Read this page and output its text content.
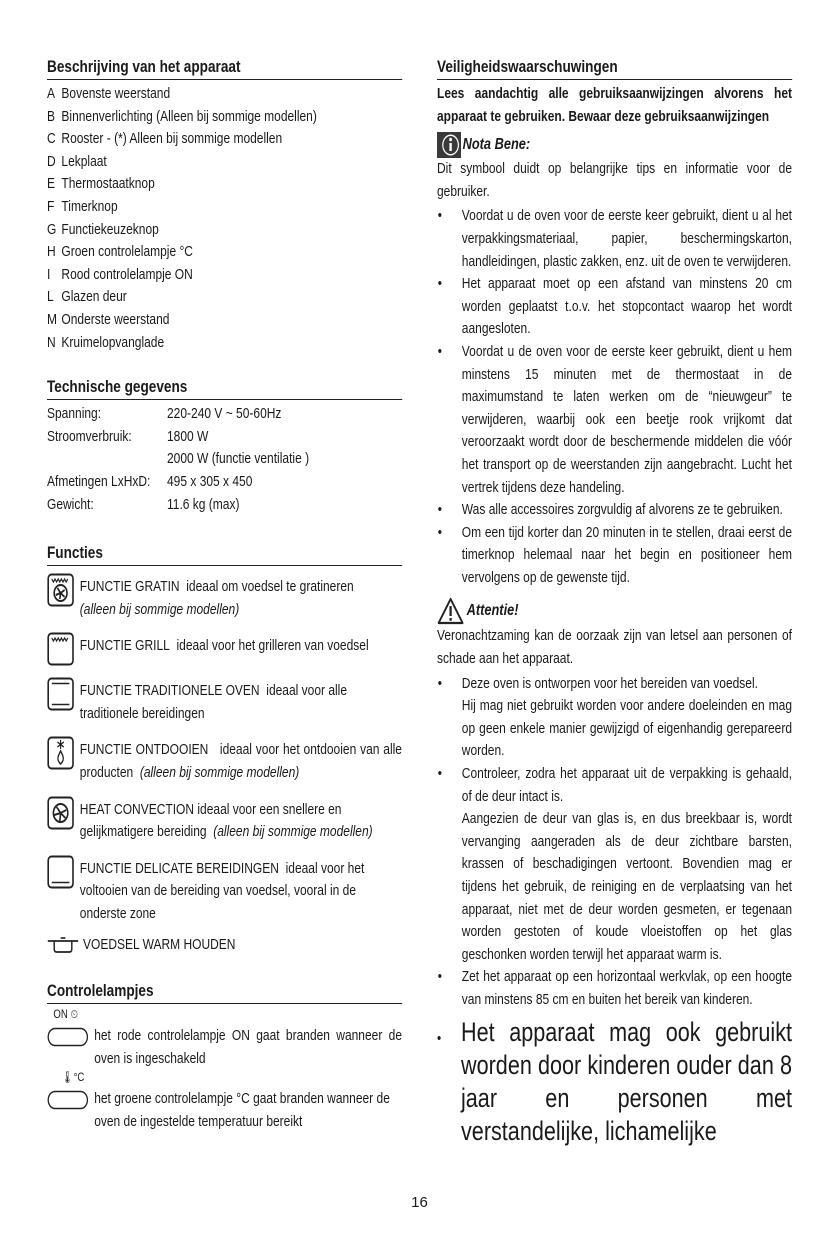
Beschrijving van het apparaat
A Bovenste weerstand
B Binnenverlichting (Alleen bij sommige modellen)
C Rooster - (*) Alleen bij sommige modellen
D Lekplaat
E Thermostaatknop
F Timerknop
G Functiekeuzeknop
H Groen controlelampje °C
I Rood controlelampje ON
L Glazen deur
M Onderste weerstand
N Kruimelopvanglade
Technische gegevens
Spanning:	220-240 V ~ 50-60Hz
Stroomverbruik:	1800 W
2000 W (functie ventilatie )
Afmetingen LxHxD:	495 x 305 x 450
Gewicht:	11.6 kg (max)
Functies
FUNCTIE GRATIN ideaal om voedsel te gratineren
(alleen bij sommige modellen)
FUNCTIE GRILL ideaal voor het grilleren van voedsel
FUNCTIE TRADITIONELE OVEN ideaal voor alle traditionele bereidingen
FUNCTIE ONTDOOIEN ideaal voor het ontdooien van alle producten (alleen bij sommige modellen)
HEAT CONVECTION ideaal voor een snellere en gelijkmatigere bereiding (alleen bij sommige modellen)
FUNCTIE DELICATE BEREIDINGEN ideaal voor het voltooien van de bereiding van voedsel, vooral in de onderste zone
VOEDSEL WARM HOUDEN
Controlelampjes
ON ⏲
het rode controlelampje ON gaat branden wanneer de oven is ingeschakeld
🌡°C
het groene controlelampje °C gaat branden wanneer de oven de ingestelde temperatuur bereikt
Veiligheidswaarschuwingen
Lees aandachtig alle gebruiksaanwijzingen alvorens het apparaat te gebruiken. Bewaar deze gebruiksaanwijzingen
Nota Bene:
Dit symbool duidt op belangrijke tips en informatie voor de gebruiker.
•	Voordat u de oven voor de eerste keer gebruikt, dient u al het verpakkingsmateriaal, papier, beschermingskarton, handleidingen, plastic zakken, enz. uit de oven te verwijderen.
•	Het apparaat moet op een afstand van minstens 20 cm worden geplaatst t.o.v. het stopcontact waarop het wordt aangesloten.
•	Voordat u de oven voor de eerste keer gebruikt, dient u hem minstens 15 minuten met de thermostaat in de maximumstand te laten werken om de “nieuwgeur” te verwijderen, waarbij ook een beetje rook vrijkomt dat veroorzaakt wordt door de beschermende middelen die vóór het transport op de weerstanden zijn aangebracht. Lucht het vertrek tijdens deze handeling.
•	Was alle accessoires zorgvuldig af alvorens ze te gebruiken.
•	Om een tijd korter dan 20 minuten in te stellen, draai eerst de timerknop helemaal naar het begin en positioneer hem vervolgens op de gewenste tijd.
Attentie!
Veronachtzaming kan de oorzaak zijn van letsel aan personen of schade aan het apparaat.
•	Deze oven is ontworpen voor het bereiden van voedsel.
Hij mag niet gebruikt worden voor andere doeleinden en mag op geen enkele manier gewijzigd of eigenhandig gerepareerd worden.
•	Controleer, zodra het apparaat uit de verpakking is gehaald, of de deur intact is.
Aangezien de deur van glas is, en dus breekbaar is, wordt vervanging aangeraden als de deur zichtbare barsten, krassen of beschadigingen vertoont. Bovendien mag er tijdens het gebruik, de reiniging en de verplaatsing van het apparaat, niet met de deur worden gesmeten, er tegenaan worden gestoten of koude vloeistoffen op het glas geschonken worden terwijl het apparaat warm is.
•	Zet het apparaat op een horizontaal werkvlak, op een hoogte van minstens 85 cm en buiten het bereik van kinderen.
• Het apparaat mag ook gebruikt worden door kinderen ouder dan 8 jaar en personen met verstandelijke, lichamelijke
16
